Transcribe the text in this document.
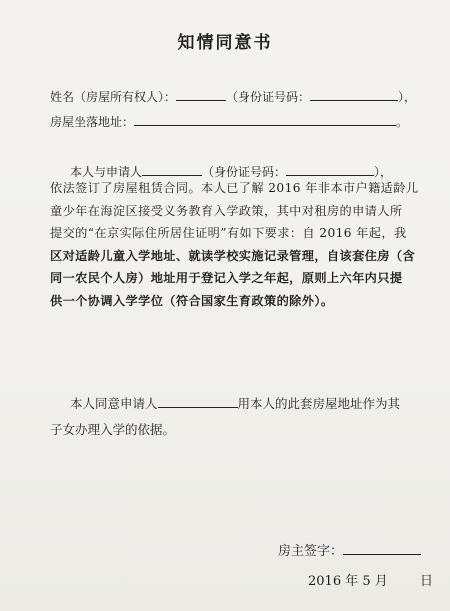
知情同意书
姓名（房屋所有权人）：	（身份证号码：	），
房屋坐落地址：	。
本人与申请人	（身份证号码：	），
依法签订了房屋租赁合同。本人已了解 2016 年非本市户籍适龄儿
童少年在海淀区接受义务教育入学政策，其中对租房的申请人所
提交的“在京实际住所居住证明”有如下要求：自 2016 年起，我
区对适龄儿童入学地址、就读学校实施记录管理，自该套住房（含
同一农民个人房）地址用于登记入学之年起，原则上六年内只提
供一个协调入学学位（符合国家生育政策的除外）。
本人同意申请人	用本人的此套房屋地址作为其
子女办理入学的依据。
房主签字：
2016 年 5 月 日
